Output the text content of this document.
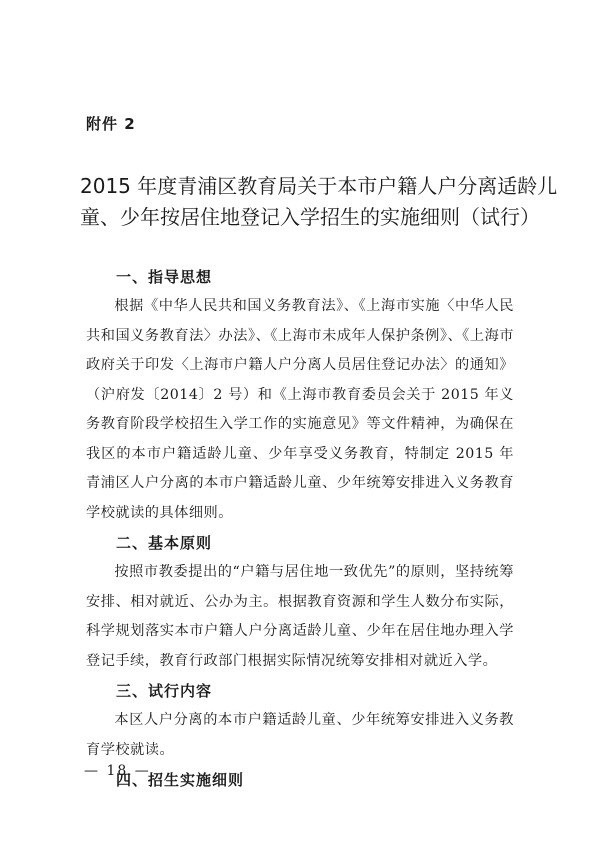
附件 2
2015 年度青浦区教育局关于本市户籍人户分离适龄儿
童、少年按居住地登记入学招生的实施细则（试行）
一、指导思想

根据《中华人民共和国义务教育法》、《上海市实施〈中华人民共和国义务教育法〉办法》、《上海市未成年人保护条例》、《上海市政府关于印发〈上海市户籍人户分离人员居住登记办法〉的通知》（沪府发〔2014〕2 号）和《上海市教育委员会关于 2015 年义务教育阶段学校招生入学工作的实施意见》等文件精神，为确保在我区的本市户籍适龄儿童、少年享受义务教育，特制定 2015 年青浦区人户分离的本市户籍适龄儿童、少年统筹安排进入义务教育学校就读的具体细则。

二、基本原则

按照市教委提出的“户籍与居住地一致优先”的原则，坚持统筹安排、相对就近、公办为主。根据教育资源和学生人数分布实际，科学规划落实本市户籍人户分离适龄儿童、少年在居住地办理入学登记手续，教育行政部门根据实际情况统筹安排相对就近入学。

三、试行内容

本区人户分离的本市户籍适龄儿童、少年统筹安排进入义务教育学校就读。

四、招生实施细则
— 18 —
